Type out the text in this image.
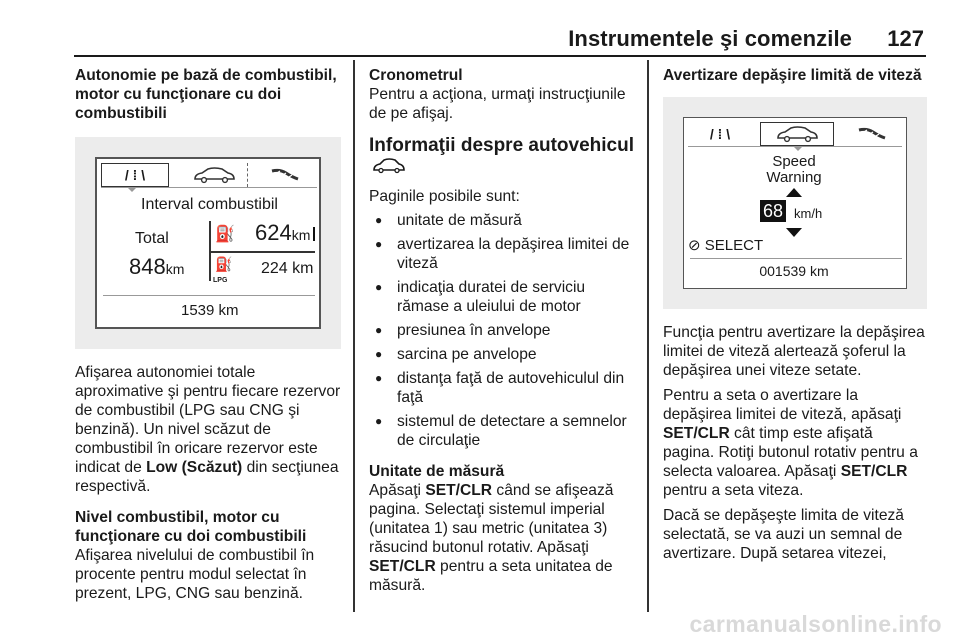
Instrumentele şi comenzile 127
Autonomie pe bază de combustibil, motor cu funcţionare cu doi combustibili
/ ⁞ \
Interval combustibil
Total	⛽ 624km
848km ⛽
LPG
224 km
1539 km

Afişarea autonomiei totale aproximative şi pentru fiecare rezervor de combustibil (LPG sau CNG şi benzină). Un nivel scăzut de combustibil în oricare rezervor este indicat de Low (Scăzut) din secţiunea respectivă.

Nivel combustibil, motor cu funcţionare cu doi combustibili

Afişarea nivelului de combustibil în procente pentru modul selectat în prezent, LPG, CNG sau benzină.

Cronometrul

Pentru a acţiona, urmaţi instrucţiunile de pe afişaj.

Informaţii despre autovehicul

Paginile posibile sunt:

● unitate de măsură
● avertizarea la depăşirea limitei de viteză
● indicaţia duratei de serviciu rămase a uleiului de motor
● presiunea în anvelope
● sarcina pe anvelope
● distanţa faţă de autovehiculul din faţă
● sistemul de detectare a semnelor de circulaţie
Unitate de măsură

Apăsaţi SET/CLR când se afişează pagina. Selectaţi sistemul imperial (unitatea 1) sau metric (unitatea 3) răsucind butonul rotativ. Apăsaţi SET/CLR pentru a seta unitatea de măsură.

Avertizare depăşire limită de viteză
/ ⁞ \
Speed
Warning
68 km/h
⊘ SELECT
001539 km

Funcţia pentru avertizare la depăşirea limitei de viteză alertează şoferul la depăşirea unei viteze setate.

Pentru a seta o avertizare la depăşirea limitei de viteză, apăsaţi SET/CLR cât timp este afişată pagina. Rotiţi butonul rotativ pentru a selecta valoarea. Apăsaţi SET/CLR pentru a seta viteza.

Dacă se depăşeşte limita de viteză selectată, se va auzi un semnal de avertizare. După setarea vitezei,

carmanualsonline.info
